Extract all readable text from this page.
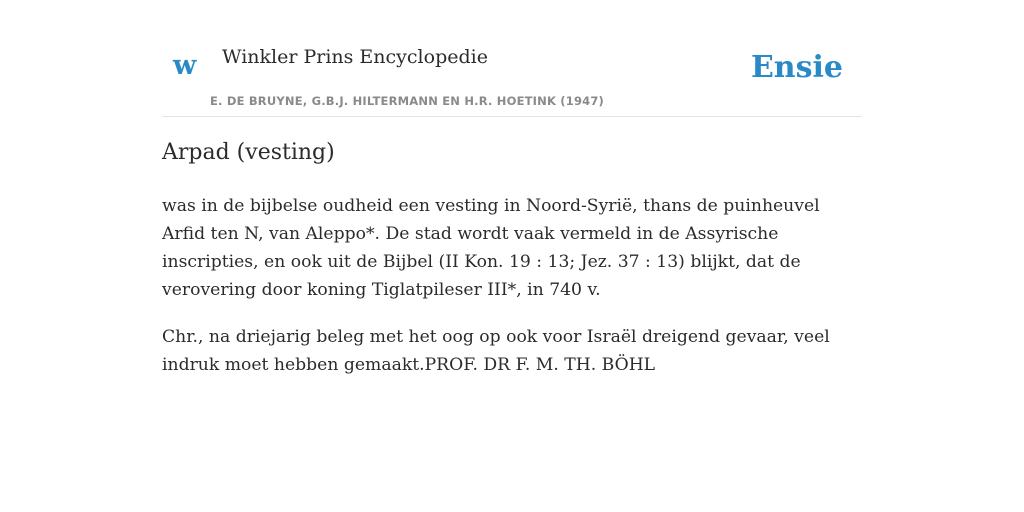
w Winkler Prins Encyclopedie
E. DE BRUYNE, G.B.J. HILTERMANN EN H.R. HOETINK (1947)
Ensie
Arpad (vesting)

was in de bijbelse oudheid een vesting in Noord-Syrië, thans de puinheuvel Arfid ten N, van Aleppo*. De stad wordt vaak vermeld in de Assyrische inscripties, en ook uit de Bijbel (II Kon. 19 : 13; Jez. 37 : 13) blijkt, dat de verovering door koning Tiglatpileser III*, in 740 v.

Chr., na driejarig beleg met het oog op ook voor Israël dreigend gevaar, veel indruk moet hebben gemaakt.PROF. DR F. M. TH. BÖHL
